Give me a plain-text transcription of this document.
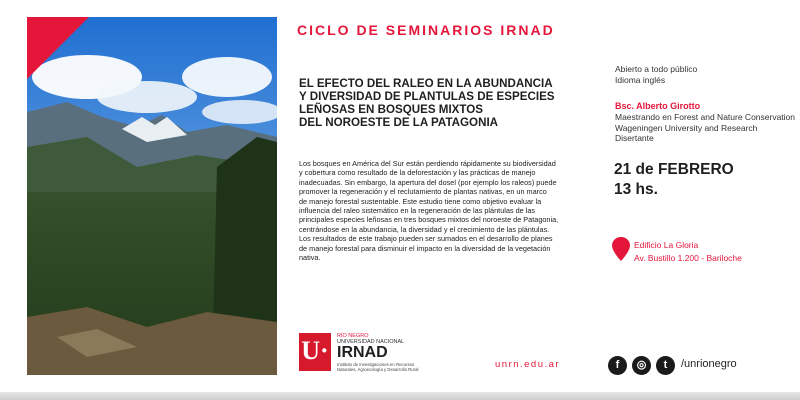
CICLO DE SEMINARIOS IRNAD
EL EFECTO DEL RALEO EN LA ABUNDANCIA
Y DIVERSIDAD DE PLANTULAS DE ESPECIES
LEÑOSAS EN BOSQUES MIXTOS
DEL NOROESTE DE LA PATAGONIA
Los bosques en América del Sur están perdiendo rápidamente su biodiversidad
y cobertura como resultado de la deforestación y las prácticas de manejo
inadecuadas. Sin embargo, la apertura del dosel (por ejemplo los raleos) puede
promover la regeneración y el reclutamiento de plantas nativas, en un marco
de manejo forestal sustentable. Este estudio tiene como objetivo evaluar la
influencia del raleo sistemático en la regeneración de las plántulas de las
principales especies leñosas en tres bosques mixtos del noroeste de Patagonia,
centrándose en la abundancia, la diversidad y el crecimiento de las plántulas.
Los resultados de este trabajo pueden ser sumados en el desarrollo de planes
de manejo forestal para disminuir el impacto en la diversidad de la vegetación
nativa.
Abierto a todo público
Idioma inglés
Bsc. Alberto Girotto
Maestrando en Forest and Nature Conservation
Wageningen University and Research
Disertante
21 de FEBRERO
13 hs.
Edificio La Gloria
Av. Bustillo 1.200 - Bariloche
U·	RÍO NEGRO
UNIVERSIDAD NACIONAL
IRNAD
Instituto de Investigaciones en Recursos
Naturales, Agroecología y Desarrollo Rural	unrn.edu.ar	f	◎	t	/unrionegro
